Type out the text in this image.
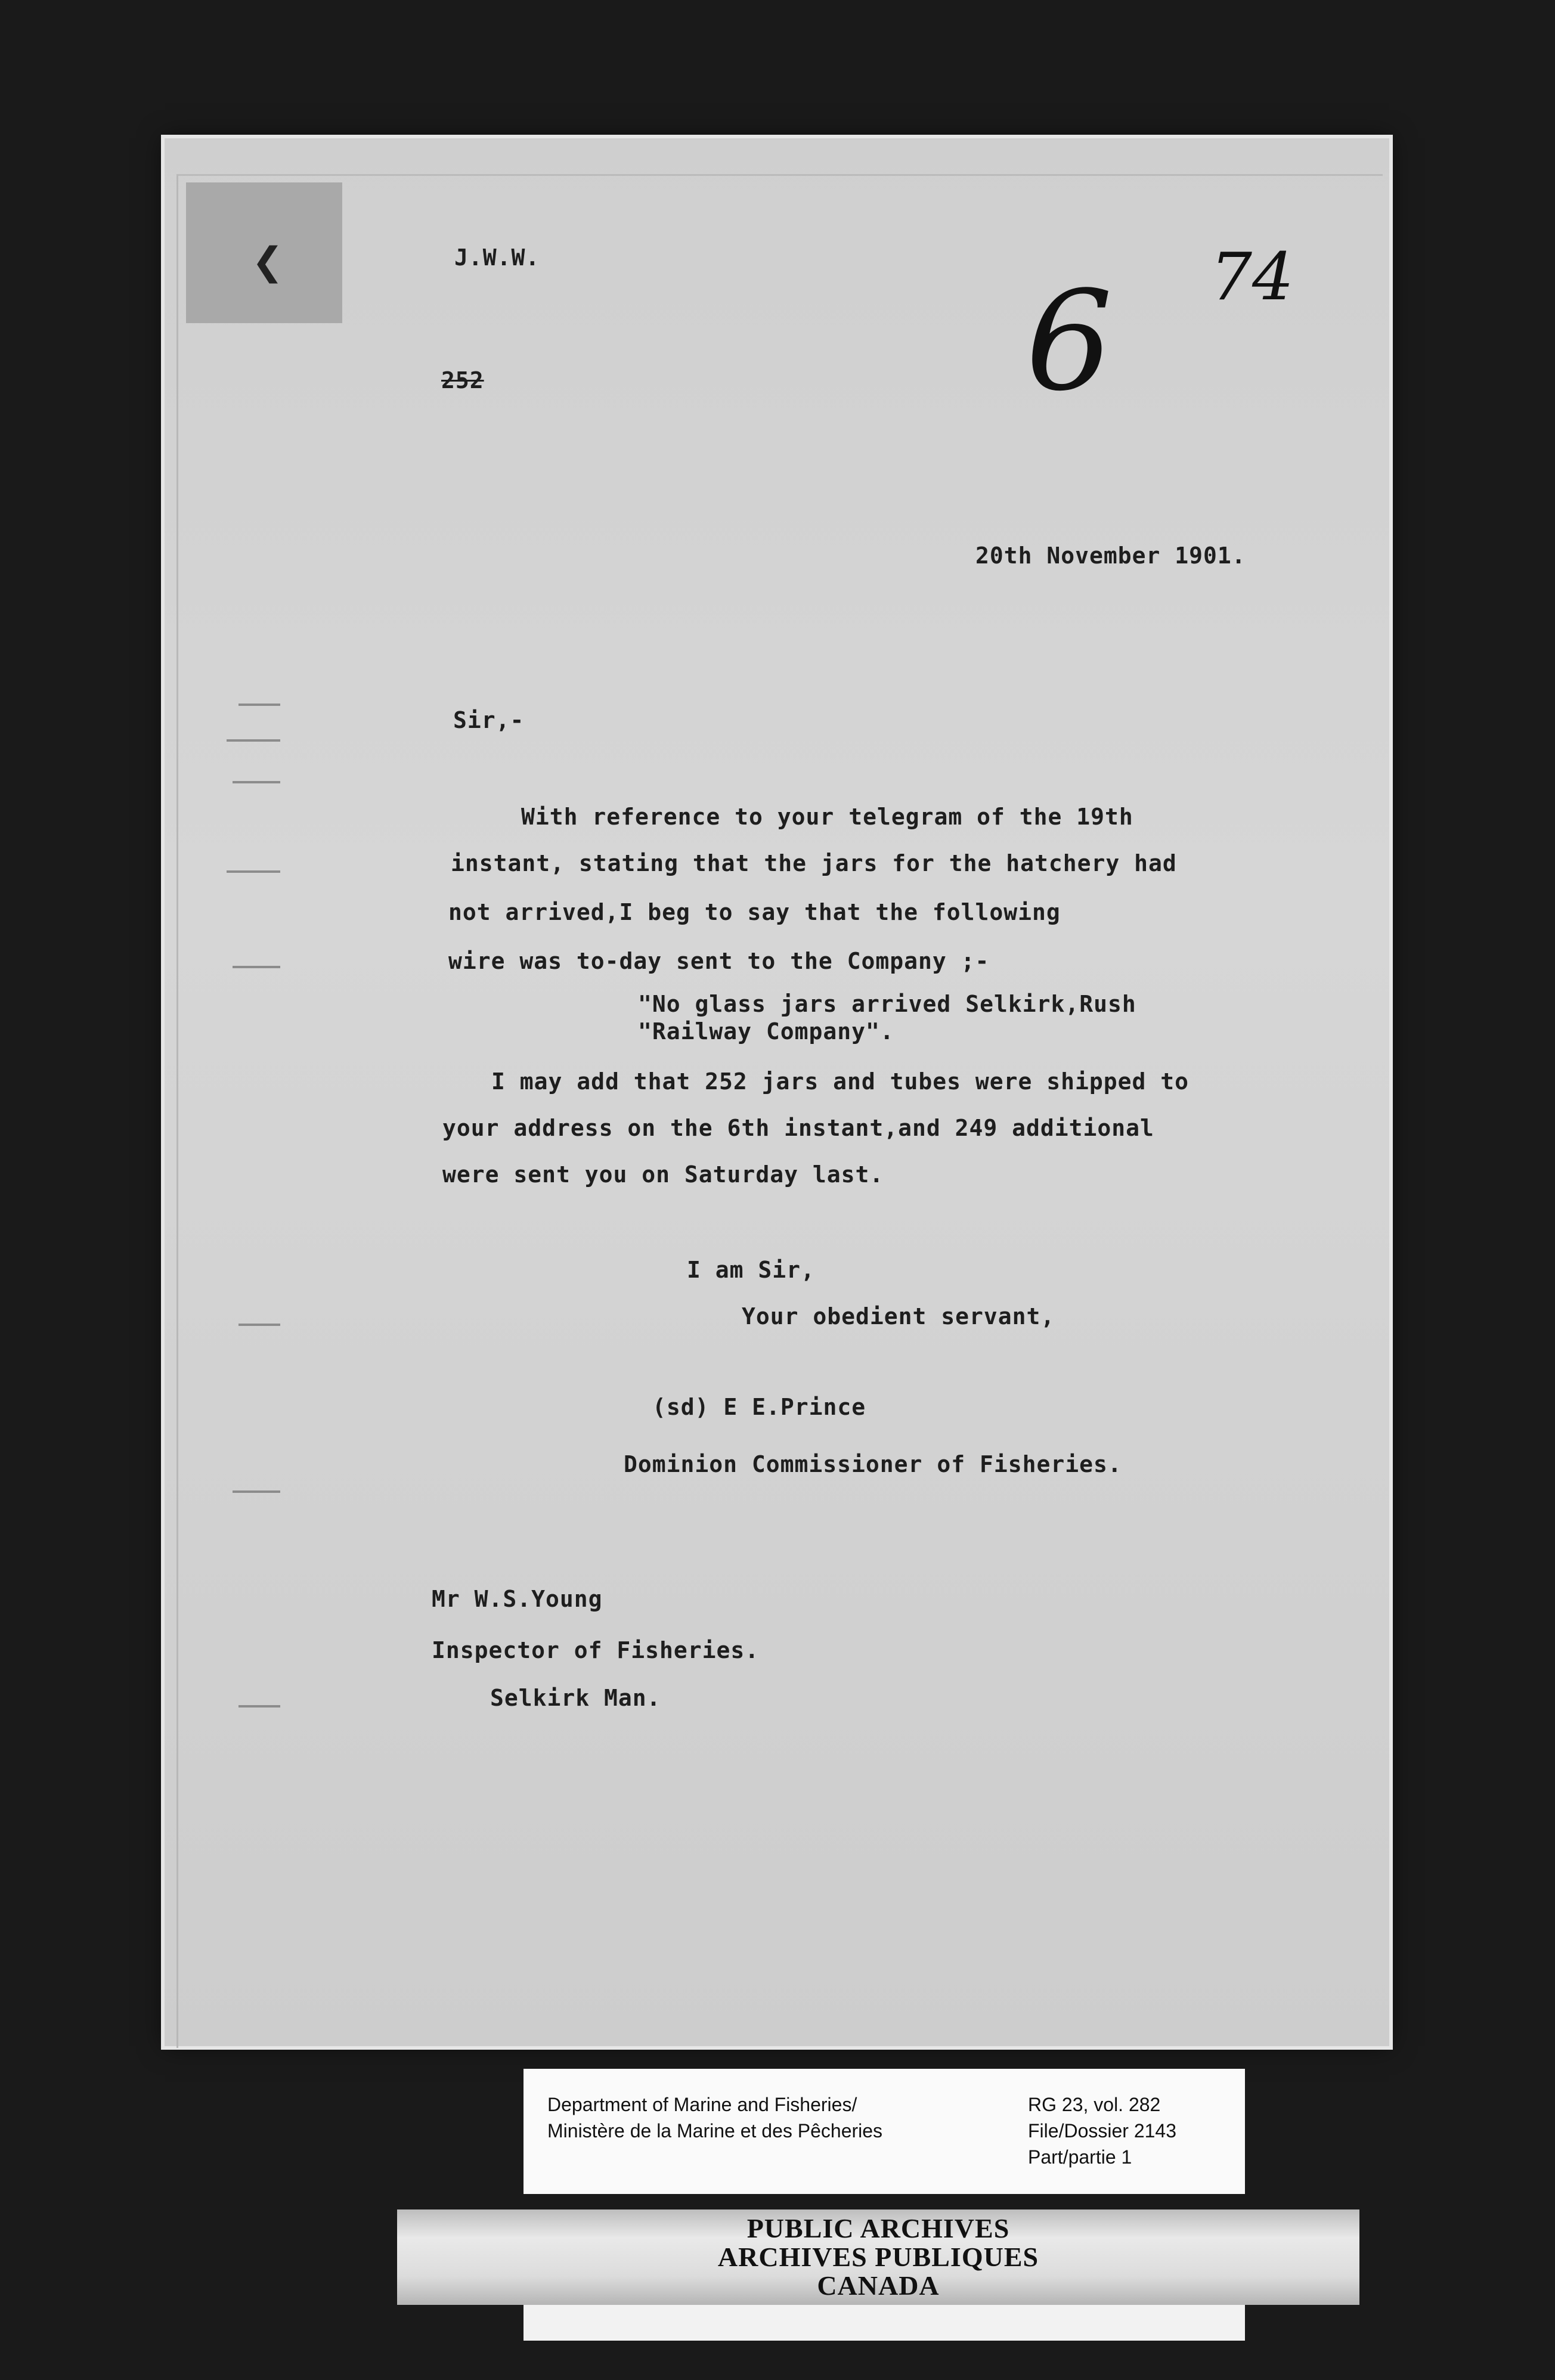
❮	74
6
J.W.W.
252
20th November 1901.
Sir,-
With reference to your telegram of the 19th
instant, stating that the jars for the hatchery had
not arrived,I beg to say that the following
wire was to-day sent to the Company ;-
"No glass jars arrived Selkirk,Rush
"Railway Company".
I may add that 252 jars and tubes were shipped to
your address on the 6th instant,and 249 additional
were sent you on Saturday last.
I am Sir,
Your obedient servant,
(sd) E E.Prince
Dominion Commissioner of Fisheries.
Mr W.S.Young
Inspector of Fisheries.
Selkirk Man.
Department of Marine and Fisheries/
Ministère de la Marine et des Pêcheries
RG 23, vol. 282
File/Dossier 2143
Part/partie 1
PUBLIC ARCHIVES
ARCHIVES PUBLIQUES
CANADA
